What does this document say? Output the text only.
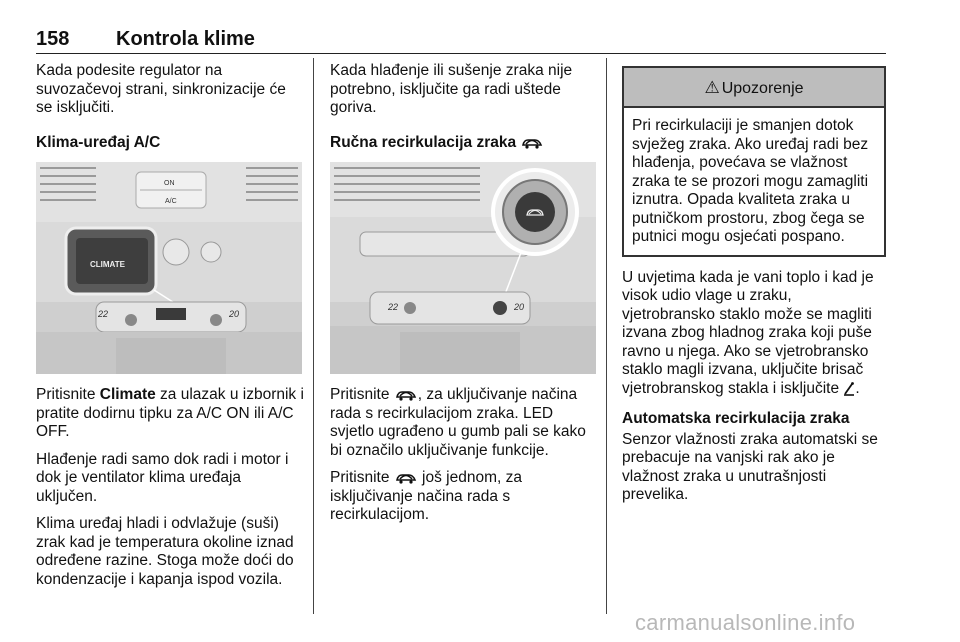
158 Kontrola klime

Kada podesite regulator na suvozačevoj strani, sinkronizacije će se isključiti.

Klima-uređaj A/C
ON
A/C
CLIMATE
22	20

Pritisnite Climate za ulazak u izbornik i pratite dodirnu tipku za A/C ON ili A/C OFF.

Hlađenje radi samo dok radi i motor i dok je ventilator klima uređaja uključen.

Klima uređaj hladi i odvlažuje (suši) zrak kad je temperatura okoline iznad određene razine. Stoga može doći do kondenzacije i kapanja ispod vozila.

Kada hlađenje ili sušenje zraka nije potrebno, isključite ga radi uštede goriva.

Ručna recirkulacija zraka
22	20

Pritisnite , za uključivanje načina rada s recirkulacijom zraka. LED svjetlo ugrađeno u gumb pali se kako bi označilo uključivanje funkcije.

Pritisnite  još jednom, za isključivanje načina rada s recirkulacijom.

⚠ Upozorenje
Pri recirkulaciji je smanjen dotok svježeg zraka. Ako uređaj radi bez hlađenja, povećava se vlažnost zraka te se prozori mogu zamagliti iznutra. Opada kvaliteta zraka u putničkom prostoru, zbog čega se putnici mogu osjećati pospano.

U uvjetima kada je vani toplo i kad je visok udio vlage u zraku, vjetrobransko staklo može se magliti izvana zbog hladnog zraka koji puše ravno u njega. Ako se vjetrobransko staklo magli izvana, uključite brisač vjetrobranskog stakla i isključite .

Automatska recirkulacija zraka

Senzor vlažnosti zraka automatski se prebacuje na vanjski rak ako je vlažnost zraka u unutrašnjosti prevelika.

carmanualsonline.info
